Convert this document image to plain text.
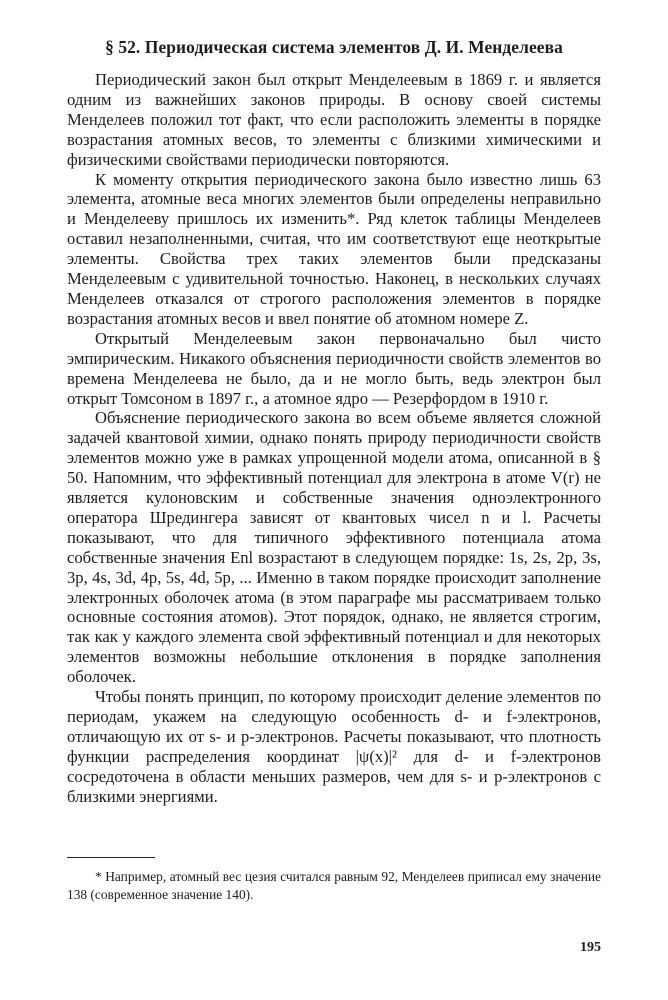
§ 52. Периодическая система элементов Д. И. Менделеева

Периодический закон был открыт Менделеевым в 1869 г. и является одним из важнейших законов природы. В основу своей системы Менделеев положил тот факт, что если расположить элементы в порядке возрастания атомных весов, то элементы с близкими химическими и физическими свойствами периодически повторяются.

К моменту открытия периодического закона было известно лишь 63 элемента, атомные веса многих элементов были определены неправильно и Менделееву пришлось их изменить*. Ряд клеток таблицы Менделеев оставил незаполненными, считая, что им соответствуют еще неоткрытые элементы. Свойства трех таких элементов были предсказаны Менделеевым с удивительной точностью. Наконец, в нескольких случаях Менделеев отказался от строгого расположения элементов в порядке возрастания атомных весов и ввел понятие об атомном номере Z.

Открытый Менделеевым закон первоначально был чисто эмпирическим. Никакого объяснения периодичности свойств элементов во времена Менделеева не было, да и не могло быть, ведь электрон был открыт Томсоном в 1897 г., а атомное ядро — Резерфордом в 1910 г.

Объяснение периодического закона во всем объеме является сложной задачей квантовой химии, однако понять природу периодичности свойств элементов можно уже в рамках упрощенной модели атома, описанной в § 50. Напомним, что эффективный потенциал для электрона в атоме V(r) не является кулоновским и собственные значения одноэлектронного оператора Шредингера зависят от квантовых чисел n и l. Расчеты показывают, что для типичного эффективного потенциала атома собственные значения Enl возрастают в следующем порядке: 1s, 2s, 2p, 3s, 3p, 4s, 3d, 4p, 5s, 4d, 5p, ... Именно в таком порядке происходит заполнение электронных оболочек атома (в этом параграфе мы рассматриваем только основные состояния атомов). Этот порядок, однако, не является строгим, так как у каждого элемента свой эффективный потенциал и для некоторых элементов возможны небольшие отклонения в порядке заполнения оболочек.

Чтобы понять принцип, по которому происходит деление элементов по периодам, укажем на следующую особенность d- и f-электронов, отличающую их от s- и p-электронов. Расчеты показывают, что плотность функции распределения координат |ψ(x)|² для d- и f-электронов сосредоточена в области меньших размеров, чем для s- и p-электронов с близкими энергиями.

* Например, атомный вес цезия считался равным 92, Менделеев приписал ему значение 138 (современное значение 140).

195
